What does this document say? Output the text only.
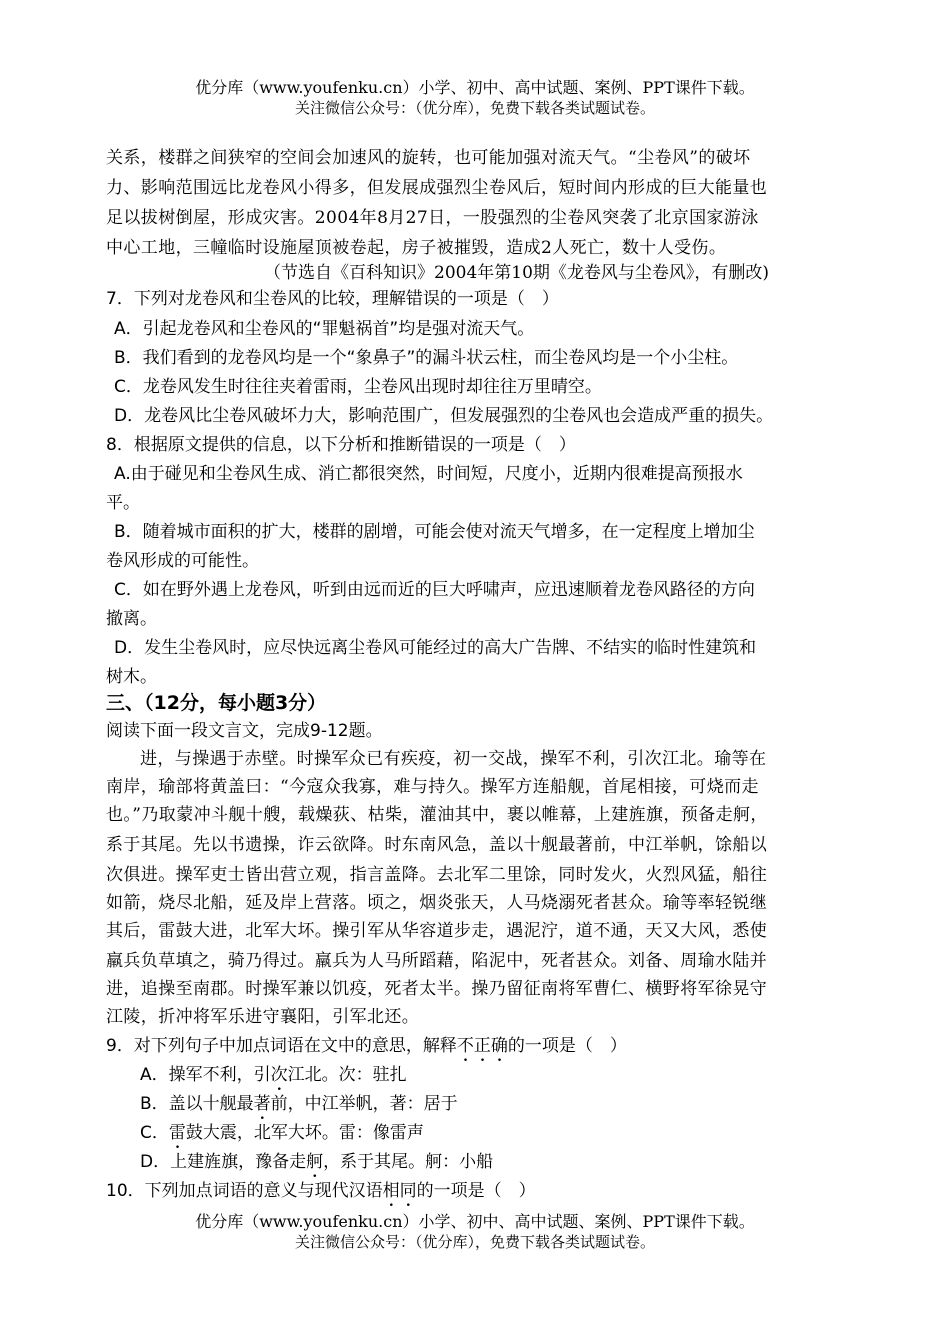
优分库（www.youfenku.cn）小学、初中、高中试题、案例、PPT课件下载。
关注微信公众号：（优分库），免费下载各类试题试卷。
关系，楼群之间狭窄的空间会加速风的旋转，也可能加强对流天气。“尘卷风”的破坏
力、影响范围远比龙卷风小得多，但发展成强烈尘卷风后，短时间内形成的巨大能量也
足以拔树倒屋，形成灾害。2004年8月27日，一股强烈的尘卷风突袭了北京国家游泳
中心工地，三幢临时设施屋顶被卷起，房子被摧毁，造成2人死亡，数十人受伤。
（节选自《百科知识》2004年第10期《龙卷风与尘卷风》，有删改)
7．下列对龙卷风和尘卷风的比较，理解错误的一项是（　）
A．引起龙卷风和尘卷风的“罪魁祸首”均是强对流天气。
B．我们看到的龙卷风均是一个“象鼻子”的漏斗状云柱，而尘卷风均是一个小尘柱。
C．龙卷风发生时往往夹着雷雨，尘卷风出现时却往往万里晴空。
D．龙卷风比尘卷风破坏力大，影响范围广，但发展强烈的尘卷风也会造成严重的损失。
8．根据原文提供的信息，以下分析和推断错误的一项是（　）
A.由于碰见和尘卷风生成、消亡都很突然，时间短，尺度小，近期内很难提高预报水
平。
B．随着城市面积的扩大，楼群的剧增，可能会使对流天气增多，在一定程度上增加尘
卷风形成的可能性。
C．如在野外遇上龙卷风，听到由远而近的巨大呼啸声，应迅速顺着龙卷风路径的方向
撤离。
D．发生尘卷风时，应尽快远离尘卷风可能经过的高大广告牌、不结实的临时性建筑和
树木。
三、（12分，每小题3分）
阅读下面一段文言文，完成9-12题。
进，与操遇于赤壁。时操军众已有疾疫，初一交战，操军不利，引次江北。瑜等在
南岸，瑜部将黄盖曰：“今寇众我寡，难与持久。操军方连船舰，首尾相接，可烧而走
也。”乃取蒙冲斗舰十艘，载燥荻、枯柴，灌油其中，裹以帷幕，上建旌旗，预备走舸，
系于其尾。先以书遗操，诈云欲降。时东南风急，盖以十舰最著前，中江举帆，馀船以
次俱进。操军吏士皆出营立观，指言盖降。去北军二里馀，同时发火，火烈风猛，船往
如箭，烧尽北船，延及岸上营落。顷之，烟炎张天，人马烧溺死者甚众。瑜等率轻锐继
其后，雷鼓大进，北军大坏。操引军从华容道步走，遇泥泞，道不通，天又大风，悉使
羸兵负草填之，骑乃得过。羸兵为人马所蹈藉，陷泥中，死者甚众。刘备、周瑜水陆并
进，追操至南郡。时操军兼以饥疫，死者太半。操乃留征南将军曹仁、横野将军徐晃守
江陵，折冲将军乐进守襄阳，引军北还。
9．对下列句子中加点词语在文中的意思，解释不正确的一项是（　）
A．操军不利，引次江北。次：驻扎
B．盖以十舰最著前，中江举帆，著：居于
C．雷鼓大震，北军大坏。雷：像雷声
D．上建旌旗，豫备走舸，系于其尾。舸：小船
10．下列加点词语的意义与现代汉语相同的一项是（　）
优分库（www.youfenku.cn）小学、初中、高中试题、案例、PPT课件下载。
关注微信公众号：（优分库），免费下载各类试题试卷。
